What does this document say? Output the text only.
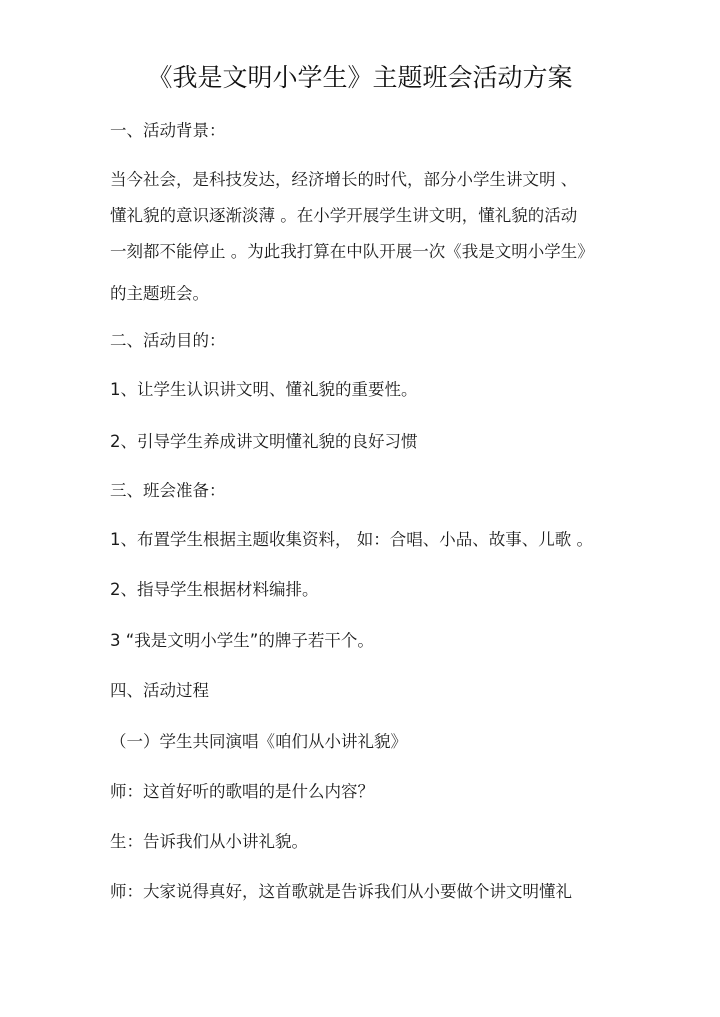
《我是文明小学生》主题班会活动方案
一、活动背景：
当今社会，是科技发达，经济增长的时代，部分小学生讲文明 、
懂礼貌的意识逐渐淡薄 。在小学开展学生讲文明，懂礼貌的活动
一刻都不能停止 。为此我打算在中队开展一次《我是文明小学生》
的主题班会。
二、活动目的：
1、让学生认识讲文明、懂礼貌的重要性。
2、引导学生养成讲文明懂礼貌的良好习惯
三、班会准备：
1、布置学生根据主题收集资料， 如：合唱、小品、故事、儿歌 。
2、指导学生根据材料编排。
3 “我是文明小学生”的牌子若干个。
四、活动过程
（一）学生共同演唱《咱们从小讲礼貌》
师：这首好听的歌唱的是什么内容？
生：告诉我们从小讲礼貌。
师：大家说得真好，这首歌就是告诉我们从小要做个讲文明懂礼
